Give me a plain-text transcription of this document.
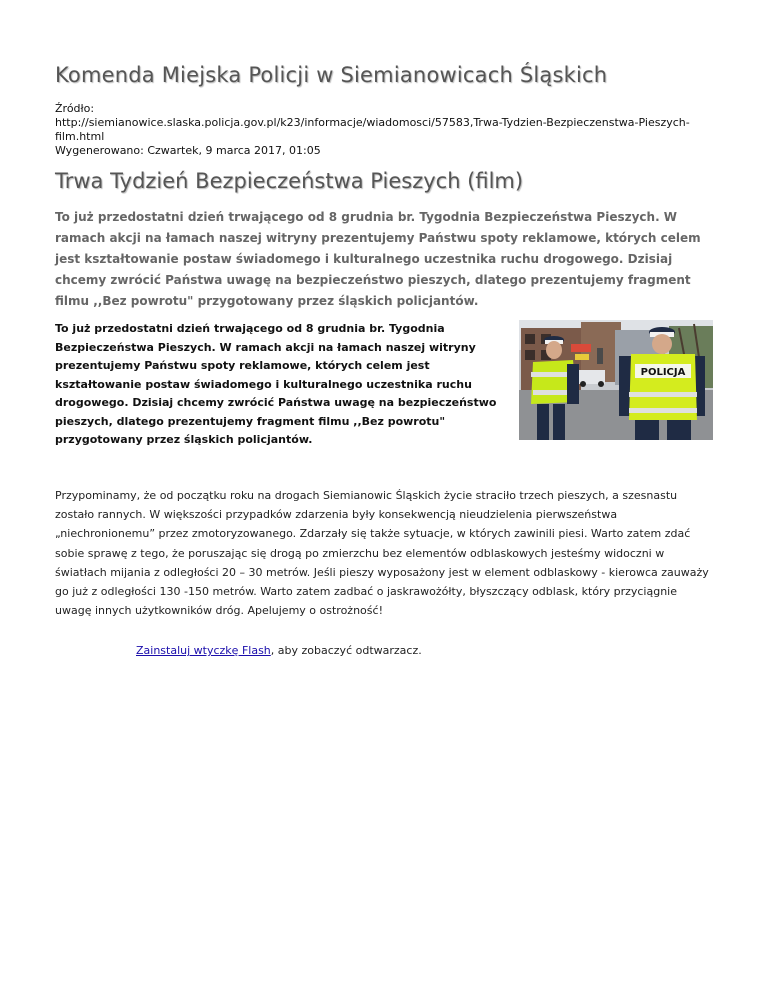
Komenda Miejska Policji w Siemianowicach Śląskich
Źródło:
http://siemianowice.slaska.policja.gov.pl/k23/informacje/wiadomosci/57583,Trwa-Tydzien-Bezpieczenstwa-Pieszych-film.html
Wygenerowano: Czwartek, 9 marca 2017, 01:05
Trwa Tydzień Bezpieczeństwa Pieszych (film)
To już przedostatni dzień trwającego od 8 grudnia br. Tygodnia Bezpieczeństwa Pieszych. W ramach akcji na łamach naszej witryny prezentujemy Państwu spoty reklamowe, których celem jest kształtowanie postaw świadomego i kulturalnego uczestnika ruchu drogowego. Dzisiaj chcemy zwrócić Państwa uwagę na bezpieczeństwo pieszych, dlatego prezentujemy fragment filmu ,,Bez powrotu" przygotowany przez śląskich policjantów.
To już przedostatni dzień trwającego od 8 grudnia br. Tygodnia Bezpieczeństwa Pieszych. W ramach akcji na łamach naszej witryny prezentujemy Państwu spoty reklamowe, których celem jest kształtowanie postaw świadomego i kulturalnego uczestnika ruchu drogowego. Dzisiaj chcemy zwrócić Państwa uwagę na bezpieczeństwo pieszych, dlatego prezentujemy fragment filmu ,,Bez powrotu" przygotowany przez śląskich policjantów.
POLICJA
Przypominamy, że od początku roku na drogach Siemianowic Śląskich życie straciło trzech pieszych, a szesnastu zostało rannych. W większości przypadków zdarzenia były konsekwencją nieudzielenia pierwszeństwa „niechronionemu” przez zmotoryzowanego. Zdarzały się także sytuacje, w których zawinili piesi. Warto zatem zdać sobie sprawę z tego, że poruszając się drogą po zmierzchu bez elementów odblaskowych jesteśmy widoczni w światłach mijania z odległości 20 – 30 metrów. Jeśli pieszy wyposażony jest w element odblaskowy - kierowca zauważy go już z odległości 130 -150 metrów. Warto zatem zadbać o jaskrawożółty, błyszczący odblask, który przyciągnie uwagę innych użytkowników dróg. Apelujemy o ostrożność!
Zainstaluj wtyczkę Flash, aby zobaczyć odtwarzacz.
